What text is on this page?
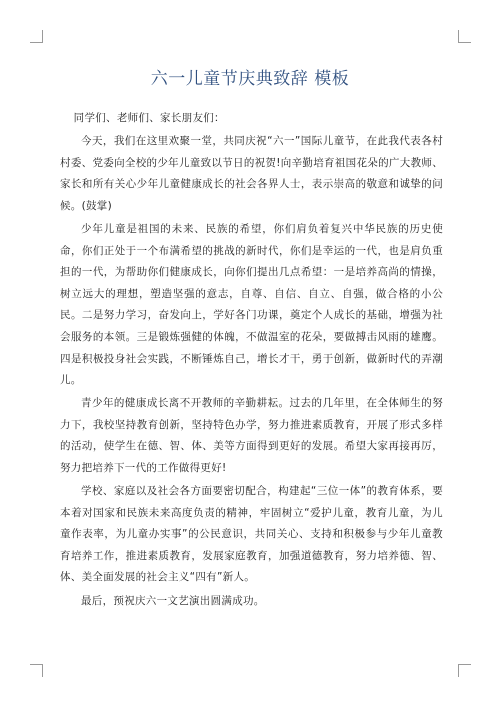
六一儿童节庆典致辞 模板

同学们、老师们、家长朋友们：

今天，我们在这里欢聚一堂，共同庆祝“六一”国际儿童节，在此我代表各村村委、党委向全校的少年儿童致以节日的祝贺!向辛勤培育祖国花朵的广大教师、家长和所有关心少年儿童健康成长的社会各界人士，表示崇高的敬意和诚挚的问候。(鼓掌)

少年儿童是祖国的未来、民族的希望，你们肩负着复兴中华民族的历史使命，你们正处于一个布满希望的挑战的新时代，你们是幸运的一代，也是肩负重担的一代，为帮助你们健康成长，向你们提出几点希望：一是培养高尚的情操，树立远大的理想，塑造坚强的意志，自尊、自信、自立、自强，做合格的小公民。二是努力学习，奋发向上，学好各门功课，奠定个人成长的基础，增强为社会服务的本领。三是锻炼强健的体魄，不做温室的花朵，要做搏击风雨的雄鹰。四是积极投身社会实践，不断锤炼自己，增长才干，勇于创新，做新时代的弄潮儿。

青少年的健康成长离不开教师的辛勤耕耘。过去的几年里，在全体师生的努力下，我校坚持教育创新，坚持特色办学，努力推进素质教育，开展了形式多样的活动，使学生在德、智、体、美等方面得到更好的发展。希望大家再接再厉，努力把培养下一代的工作做得更好!

学校、家庭以及社会各方面要密切配合，构建起“三位一体”的教育体系，要本着对国家和民族未来高度负责的精神，牢固树立“爱护儿童，教育儿童，为儿童作表率，为儿童办实事”的公民意识，共同关心、支持和积极参与少年儿童教育培养工作，推进素质教育，发展家庭教育，加强道德教育，努力培养德、智、体、美全面发展的社会主义“四有”新人。

最后，预祝庆六一文艺演出圆满成功。
